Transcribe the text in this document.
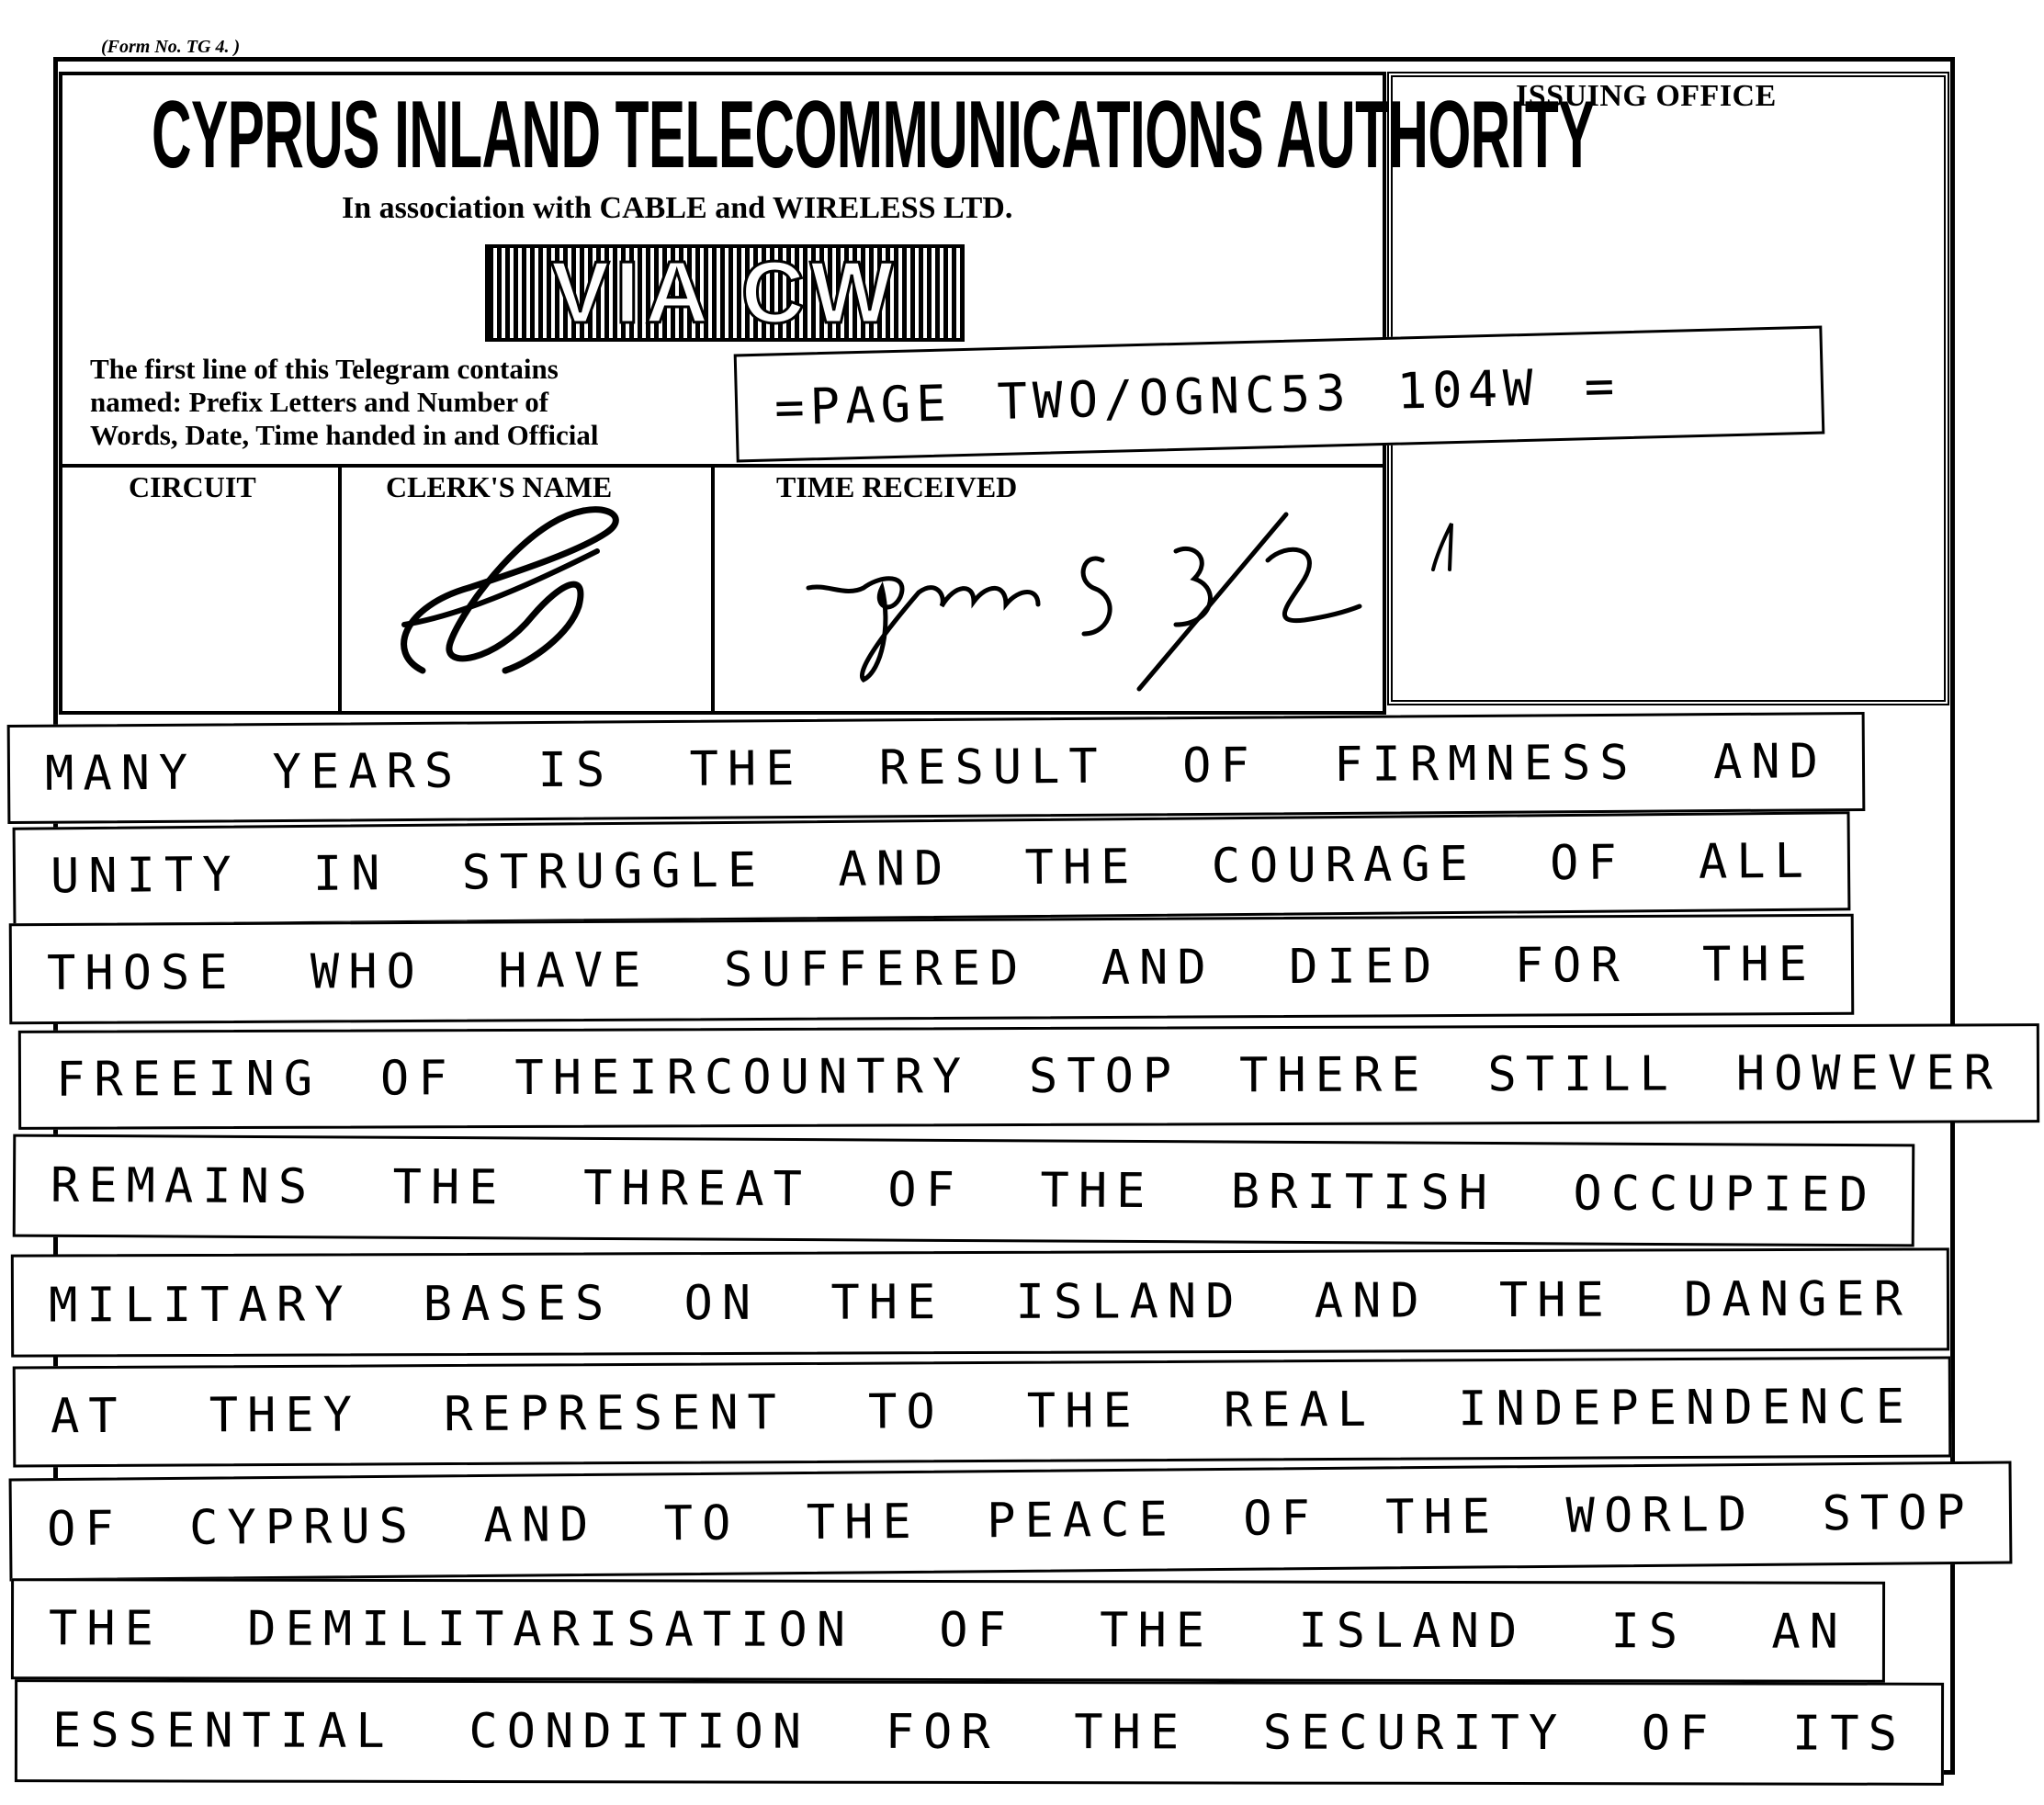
(Form No. TG 4. )
ISSUING OFFICE
CYPRUS INLAND TELECOMMUNICATIONS AUTHORITY
In association with CABLE and WIRELESS LTD.
VIA CW
The first line of this Telegram contains
named: Prefix Letters and Number of
Words, Date, Time handed in and Official
CIRCUIT	CLERK'S NAME	TIME RECEIVED
=PAGE TWO/OGNC53 104W =
MANY YEARS IS THE RESULT OF FIRMNESS AND
UNITY IN STRUGGLE AND THE COURAGE OF ALL
THOSE WHO HAVE SUFFERED AND DIED FOR THE
FREEING OF THEIRCOUNTRY STOP THERE STILL HOWEVER
REMAINS THE THREAT OF THE BRITISH OCCUPIED
MILITARY BASES ON THE ISLAND AND THE DANGER
AT THEY REPRESENT TO THE REAL INDEPENDENCE
OF CYPRUS AND TO THE PEACE OF THE WORLD STOP
THE DEMILITARISATION OF THE ISLAND IS AN
ESSENTIAL CONDITION FOR THE SECURITY OF ITS
